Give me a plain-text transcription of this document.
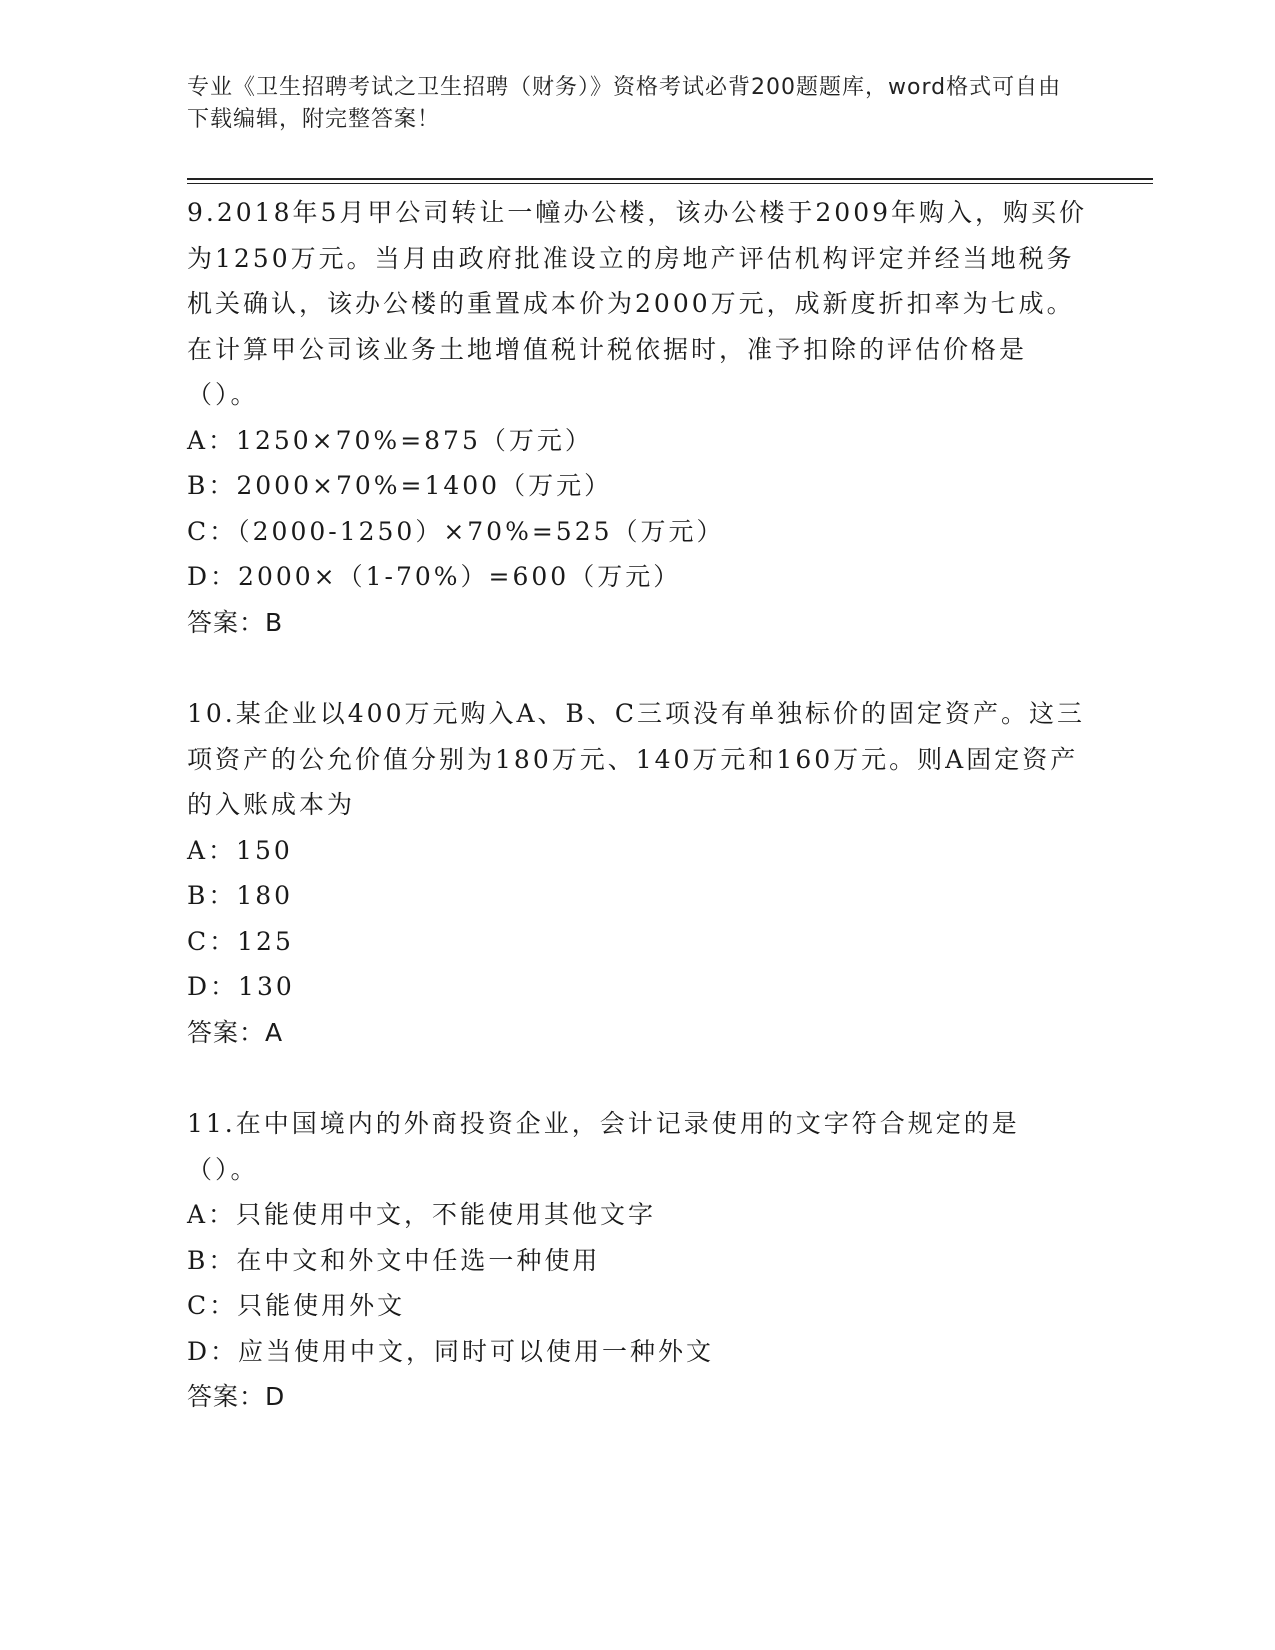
专业《卫生招聘考试之卫生招聘（财务）》资格考试必背200题题库，word格式可自由下载编辑，附完整答案！
9.2018年5月甲公司转让一幢办公楼，该办公楼于2009年购入，购买价为1250万元。当月由政府批准设立的房地产评估机构评定并经当地税务机关确认，该办公楼的重置成本价为2000万元，成新度折扣率为七成。在计算甲公司该业务土地增值税计税依据时，准予扣除的评估价格是（）。

A：1250×70%=875（万元）

B：2000×70%=1400（万元）

C：（2000-1250）×70%=525（万元）

D：2000×（1-70%）=600（万元）

答案：B
10.某企业以400万元购入A、B、C三项没有单独标价的固定资产。这三项资产的公允价值分别为180万元、140万元和160万元。则A固定资产的入账成本为

A：150

B：180

C：125

D：130

答案：A
11.在中国境内的外商投资企业，会计记录使用的文字符合规定的是（）。

A：只能使用中文，不能使用其他文字

B：在中文和外文中任选一种使用

C：只能使用外文

D：应当使用中文，同时可以使用一种外文

答案：D
